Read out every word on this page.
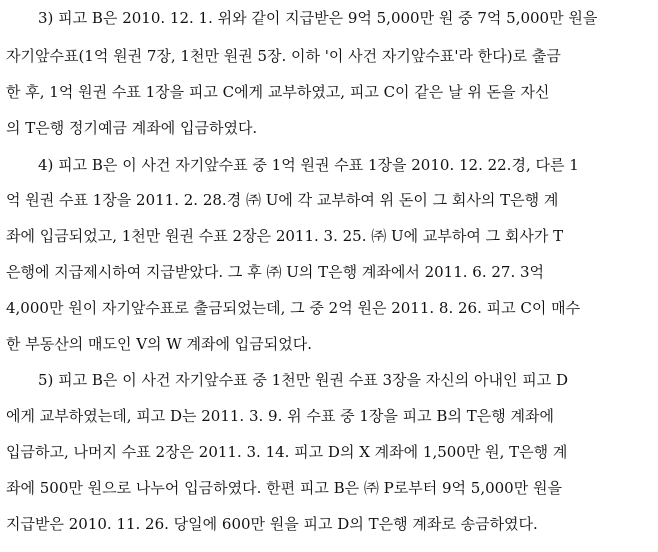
3) 피고 B은 2010. 12. 1. 위와 같이 지급받은 9억 5,000만 원 중 7억 5,000만 원을
자기앞수표(1억 원권 7장, 1천만 원권 5장. 이하 '이 사건 자기앞수표'라 한다)로 출금
한 후, 1억 원권 수표 1장을 피고 C에게 교부하였고, 피고 C이 같은 날 위 돈을 자신
의 T은행 정기예금 계좌에 입금하였다.
4) 피고 B은 이 사건 자기앞수표 중 1억 원권 수표 1장을 2010. 12. 22.경, 다른 1
억 원권 수표 1장을 2011. 2. 28.경 ㈜ U에 각 교부하여 위 돈이 그 회사의 T은행 계
좌에 입금되었고, 1천만 원권 수표 2장은 2011. 3. 25. ㈜ U에 교부하여 그 회사가 T
은행에 지급제시하여 지급받았다. 그 후 ㈜ U의 T은행 계좌에서 2011. 6. 27. 3억
4,000만 원이 자기앞수표로 출금되었는데, 그 중 2억 원은 2011. 8. 26. 피고 C이 매수
한 부동산의 매도인 V의 W 계좌에 입금되었다.
5) 피고 B은 이 사건 자기앞수표 중 1천만 원권 수표 3장을 자신의 아내인 피고 D
에게 교부하였는데, 피고 D는 2011. 3. 9. 위 수표 중 1장을 피고 B의 T은행 계좌에
입금하고, 나머지 수표 2장은 2011. 3. 14. 피고 D의 X 계좌에 1,500만 원, T은행 계
좌에 500만 원으로 나누어 입금하였다. 한편 피고 B은 ㈜ P로부터 9억 5,000만 원을
지급받은 2010. 11. 26. 당일에 600만 원을 피고 D의 T은행 계좌로 송금하였다.
